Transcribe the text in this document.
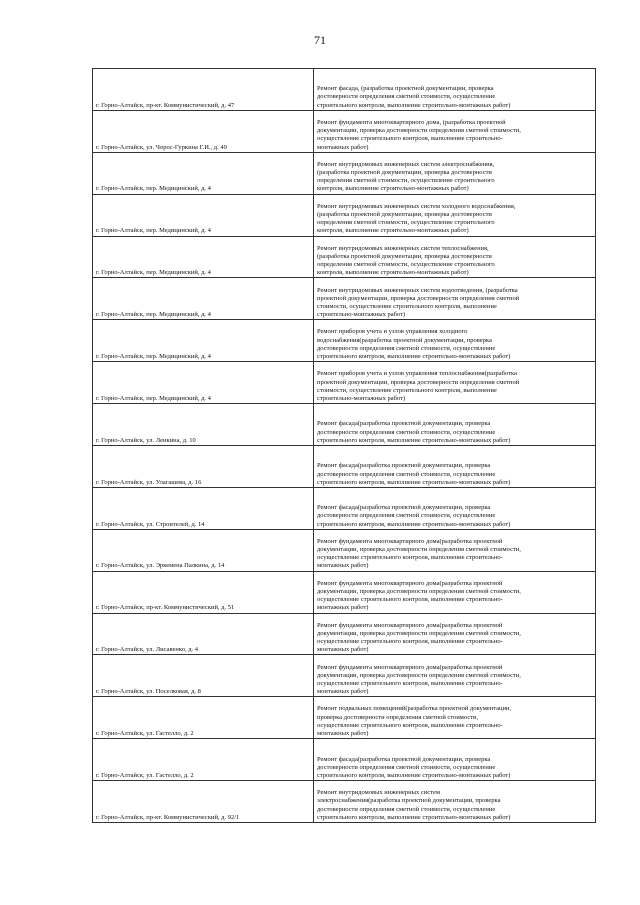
71
г. Горно-Алтайск, пр-кт. Коммунистический, д. 47	Ремонт фасада, (разработка проектной документации, проверка
достоверности определения сметной стоимости, осуществление
строительного контроля, выполнение строительно-монтажных работ)

г. Горно-Алтайск, ул. Чорос-Гуркина Г.И., д. 49	Ремонт фундамента многоквартирного дома, (разработка проектной
документации, проверка достоверности определения сметной стоимости,
осуществление строительного контроля, выполнение строительно-
монтажных работ)

г. Горно-Алтайск, пер. Медицинский, д. 4	Ремонт внутридомовых инженерных систем электроснабжения,
(разработка проектной документации, проверка достоверности
определения сметной стоимости, осуществление строительного
контроля, выполнение строительно-монтажных работ)

г. Горно-Алтайск, пер. Медицинский, д. 4	Ремонт внутридомовых инженерных систем холодного водоснабжения,
(разработка проектной документации, проверка достоверности
определения сметной стоимости, осуществление строительного
контроля, выполнение строительно-монтажных работ)

г. Горно-Алтайск, пер. Медицинский, д. 4	Ремонт внутридомовых инженерных систем теплоснабжения,
(разработка проектной документации, проверка достоверности
определения сметной стоимости, осуществление строительного
контроля, выполнение строительно-монтажных работ)

г. Горно-Алтайск, пер. Медицинский, д. 4	Ремонт внутридомовых инженерных систем водоотведения, (разработка
проектной документации, проверка достоверности определения сметной
стоимости, осуществление строительного контроля, выполнение
строительно-монтажных работ)

г. Горно-Алтайск, пер. Медицинский, д. 4	Ремонт приборов учета и узлов управления холодного
водоснабжения(разработка проектной документации, проверка
достоверности определения сметной стоимости, осуществление
строительного контроля, выполнение строительно-монтажных работ)

г. Горно-Алтайск, пер. Медицинский, д. 4	Ремонт приборов учета и узлов управления теплоснабжения(разработка
проектной документации, проверка достоверности определения сметной
стоимости, осуществление строительного контроля, выполнение
строительно-монтажных работ)

г. Горно-Алтайск, ул. Ленкина, д. 10	Ремонт фасада(разработка проектной документации, проверка
достоверности определения сметной стоимости, осуществление
строительного контроля, выполнение строительно-монтажных работ)

г. Горно-Алтайск, ул. Улагашева, д. 16	Ремонт фасада(разработка проектной документации, проверка
достоверности определения сметной стоимости, осуществление
строительного контроля, выполнение строительно-монтажных работ)

г. Горно-Алтайск, ул. Строителей, д. 14	Ремонт фасада(разработка проектной документации, проверка
достоверности определения сметной стоимости, осуществление
строительного контроля, выполнение строительно-монтажных работ)

г. Горно-Алтайск, ул. Эркемена Палкина, д. 14	Ремонт фундамента многоквартирного дома(разработка проектной
документации, проверка достоверности определения сметной стоимости,
осуществление строительного контроля, выполнение строительно-
монтажных работ)

г. Горно-Алтайск, пр-кт. Коммунистический, д. 51	Ремонт фундамента многоквартирного дома(разработка проектной
документации, проверка достоверности определения сметной стоимости,
осуществление строительного контроля, выполнение строительно-
монтажных работ)

г. Горно-Алтайск, ул. Лисавенко, д. 4	Ремонт фундамента многоквартирного дома(разработка проектной
документации, проверка достоверности определения сметной стоимости,
осуществление строительного контроля, выполнение строительно-
монтажных работ)

г. Горно-Алтайск, ул. Поселковая, д. 8	Ремонт фундамента многоквартирного дома(разработка проектной
документации, проверка достоверности определения сметной стоимости,
осуществление строительного контроля, выполнение строительно-
монтажных работ)

г. Горно-Алтайск, ул. Гастелло, д. 2	Ремонт подвальных помещений(разработка проектной документации,
проверка достоверности определения сметной стоимости,
осуществление строительного контроля, выполнение строительно-
монтажных работ)

г. Горно-Алтайск, ул. Гастелло, д. 2	Ремонт фасада(разработка проектной документации, проверка
достоверности определения сметной стоимости, осуществление
строительного контроля, выполнение строительно-монтажных работ)

г. Горно-Алтайск, пр-кт. Коммунистический, д. 92/1	Ремонт внутридомовых инженерных систем
электроснабжения(разработка проектной документации, проверка
достоверности определения сметной стоимости, осуществление
строительного контроля, выполнение строительно-монтажных работ)
